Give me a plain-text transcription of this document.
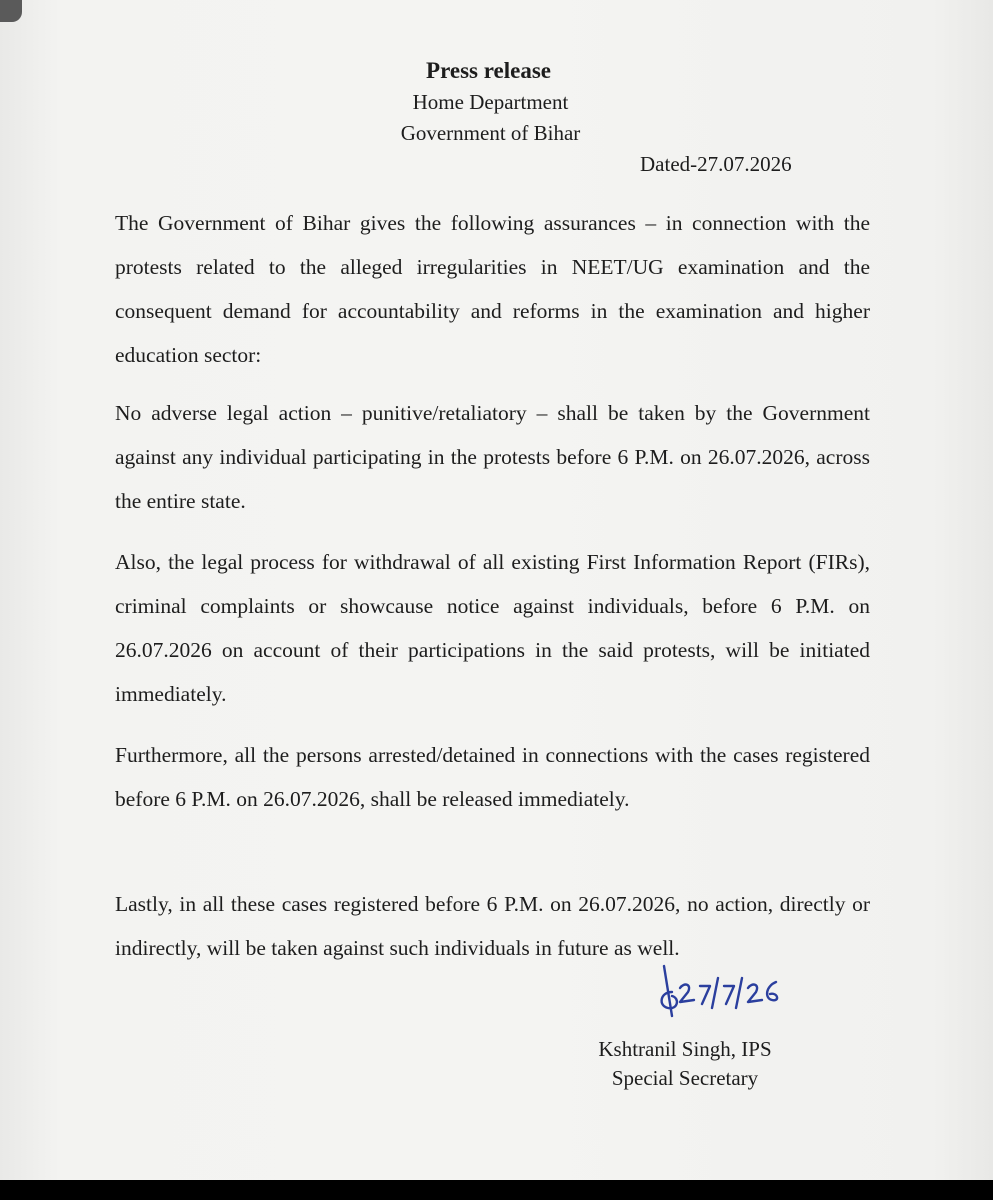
Press release
Home Department
Government of Bihar
Dated-27.07.2026
The Government of Bihar gives the following assurances – in connection with the protests related to the alleged irregularities in NEET/UG examination and the consequent demand for accountability and reforms in the examination and higher education sector:
No adverse legal action – punitive/retaliatory – shall be taken by the Government against any individual participating in the protests before 6 P.M. on 26.07.2026, across the entire state.
Also, the legal process for withdrawal of all existing First Information Report (FIRs), criminal complaints or showcause notice against individuals, before 6 P.M. on 26.07.2026 on account of their participations in the said protests, will be initiated immediately.
Furthermore, all the persons arrested/detained in connections with the cases registered before 6 P.M. on 26.07.2026, shall be released immediately.
Lastly, in all these cases registered before 6 P.M. on 26.07.2026, no action, directly or indirectly, will be taken against such individuals in future as well.
Kshtranil Singh, IPS
Special Secretary
